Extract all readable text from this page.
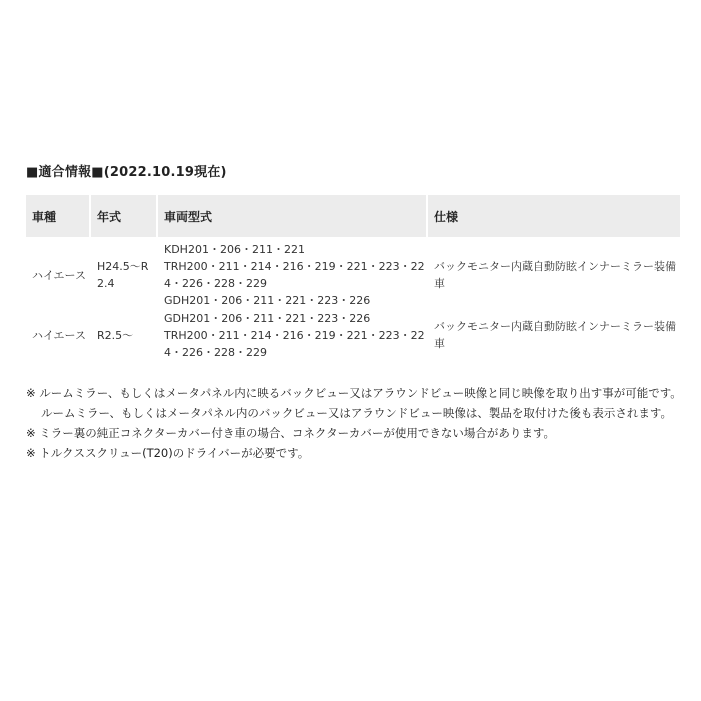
■適合情報■(2022.10.19現在)
車種	年式	車両型式	仕様
ハイエース	H24.5～R2.4	KDH201・206・211・221
TRH200・211・214・216・219・221・223・224・226・228・229
GDH201・206・211・221・223・226	バックモニター内蔵自動防眩インナーミラー装備車
ハイエース	R2.5～	GDH201・206・211・221・223・226
TRH200・211・214・216・219・221・223・224・226・228・229	バックモニター内蔵自動防眩インナーミラー装備車
※ ルームミラー、もしくはメータパネル内に映るバックビュー又はアラウンドビュー映像と同じ映像を取り出す事が可能です。
ルームミラー、もしくはメータパネル内のバックビュー又はアラウンドビュー映像は、製品を取付けた後も表示されます。
※ ミラー裏の純正コネクターカバー付き車の場合、コネクターカバーが使用できない場合があります。
※ トルクススクリュー(T20)のドライバーが必要です。
